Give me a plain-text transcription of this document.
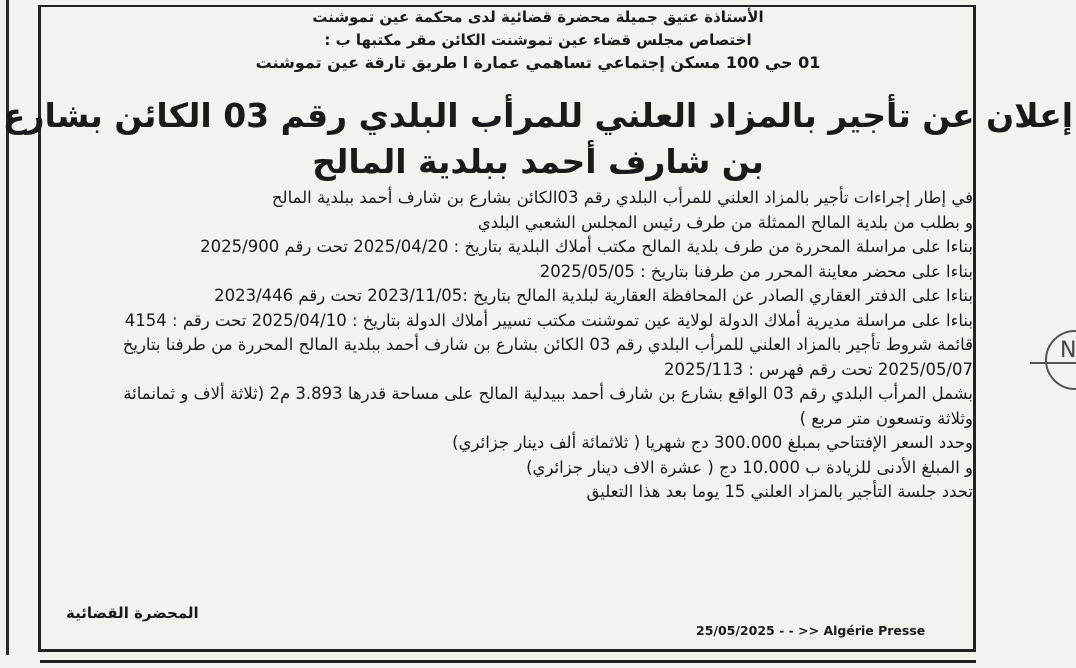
N
الأستاذة عتيق جميلة محضرة قضائية لدى محكمة عين تموشنت
اختصاص مجلس قضاء عين تموشنت الكائن مقر مكتبها ب :
01 حي 100 مسكن إجتماعي تساهمي عمارة ا طريق تارقة عين تموشنت
إعلان عن تأجير بالمزاد العلني للمرأب البلدي رقم 03 الكائن بشارع
بن شارف أحمد ببلدية المالح

في إطار إجراءات تأجير بالمزاد العلني للمرأب البلدي رقم 03الكائن بشارع بن شارف أحمد ببلدية المالح

و بطلب من بلدية المالح الممثلة من طرف رئيس المجلس الشعبي البلدي

بناءا على مراسلة المحررة من طرف بلدية المالح مكتب أملاك البلدية بتاريخ : 2025/04/20 تحت رقم 2025/900

بناءا على محضر معاينة المحرر من طرفنا بتاريخ : 2025/05/05

بناءا على الدفتر العقاري الصادر عن المحافظة العقارية لبلدية المالح بتاريخ :2023/11/05 تحت رقم 2023/446

بناءا على مراسلة مديرية أملاك الدولة لولاية عين تموشنت مكتب تسيير أملاك الدولة بتاريخ : 2025/04/10 تحت رقم : 4154

قائمة شروط تأجير بالمزاد العلني للمرأب البلدي رقم 03 الكائن بشارع بن شارف أحمد ببلدية المالح المحررة من طرفنا بتاريخ

2025/05/07 تحت رقم فهرس : 2025/113

بشمل المرأب البلدي رقم 03 الواقع بشارع بن شارف أحمد ببيدلية المالح على مساحة قدرها 3.893 م2 (ثلاثة ألاف و ثمانمائة

وثلاثة وتسعون متر مربع )

وحدد السعر الإفتتاحي بمبلغ 300.000 دج شهريا ( ثلاثمائة ألف دينار جزائري)

و المبلغ الأدنى للزيادة ب 10.000 دج ( عشرة الاف دينار جزائري)

تحدد جلسة التأجير بالمزاد العلني 15 يوما بعد هذا التعليق

المحضرة القضائية
25/05/2025 - - >> Algérie Presse
